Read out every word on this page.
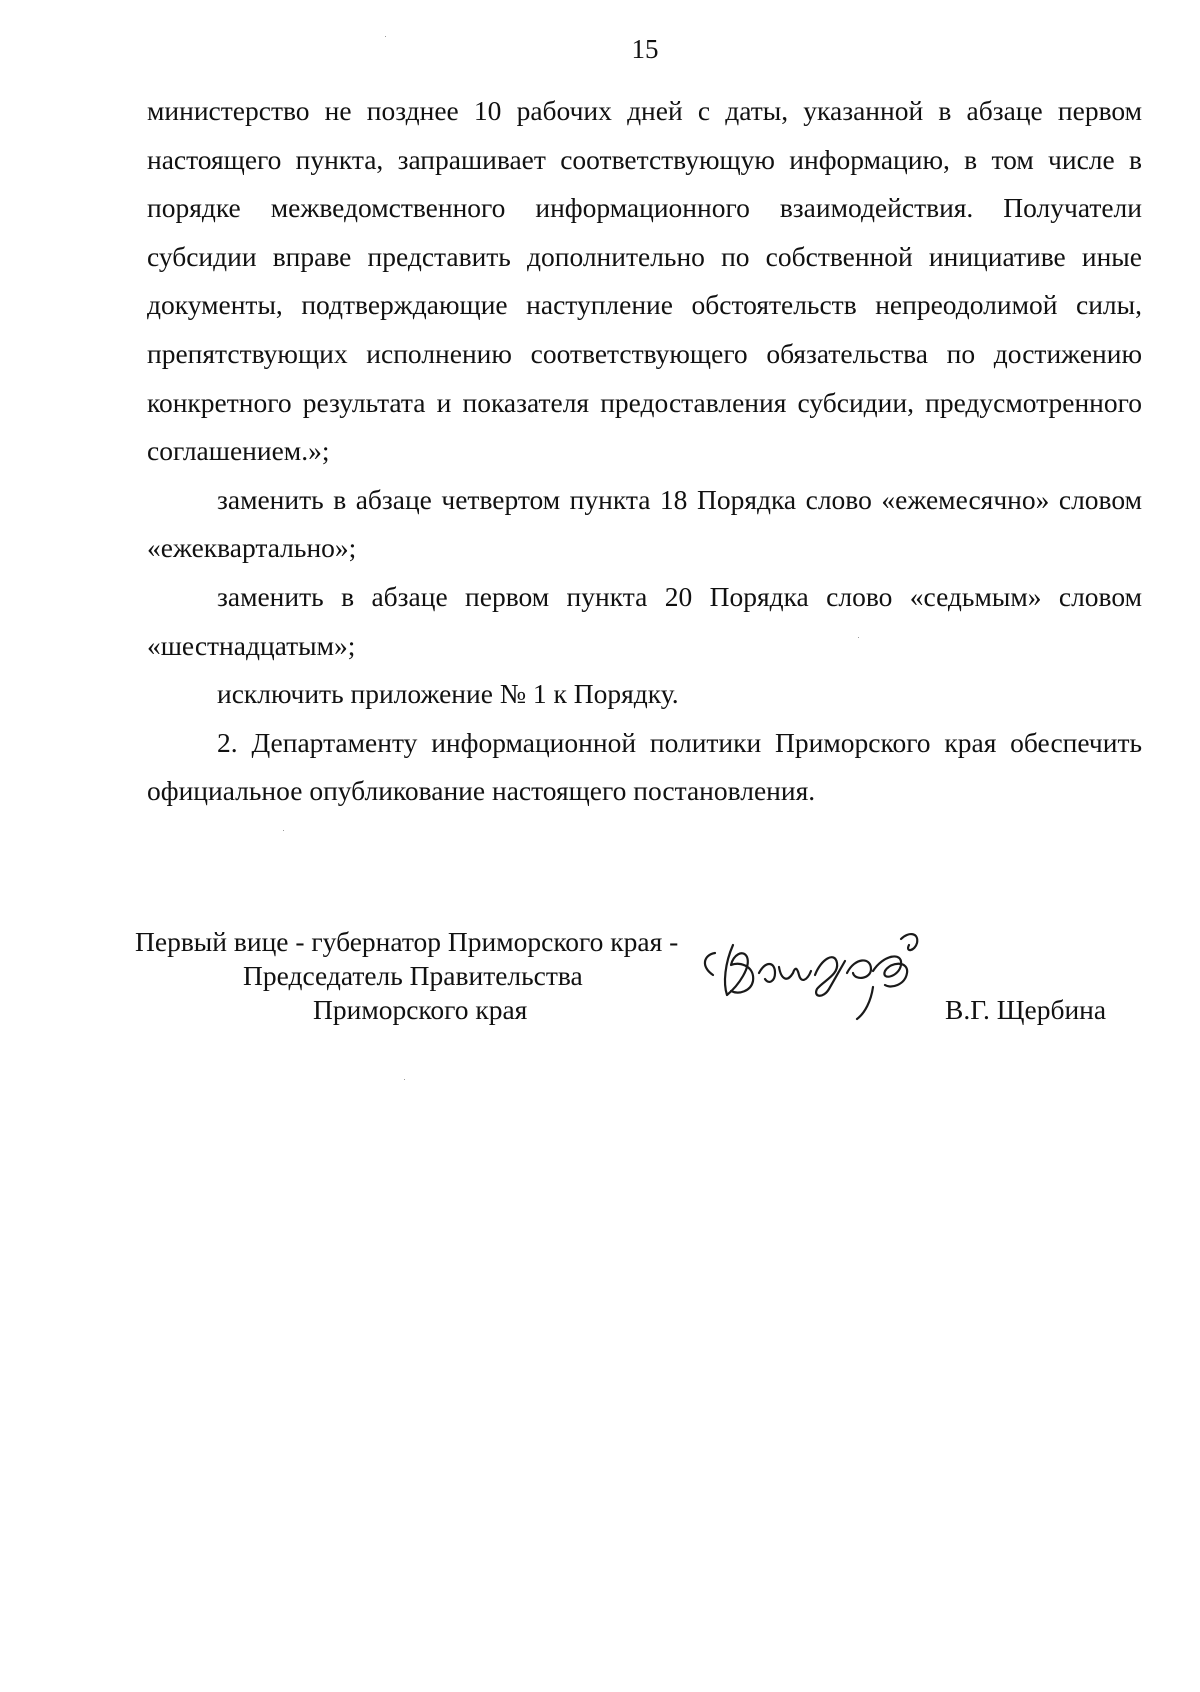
15

министерство не позднее 10 рабочих дней с даты, указанной в абзаце первом настоящего пункта, запрашивает соответствующую информацию, в том числе в порядке межведомственного информационного взаимодействия. Получатели субсидии вправе представить дополнительно по собственной инициативе иные документы, подтверждающие наступление обстоятельств непреодолимой силы, препятствующих исполнению соответствующего обязательства по достижению конкретного результата и показателя предоставления субсидии, предусмотренного соглашением.»;

заменить в абзаце четвертом пункта 18 Порядка слово «ежемесячно» словом «ежеквартально»;

заменить в абзаце первом пункта 20 Порядка слово «седьмым» словом «шестнадцатым»;

исключить приложение № 1 к Порядку.

2. Департаменту информационной политики Приморского края обеспечить официальное опубликование настоящего постановления.

Первый вице - губернатор Приморского края -
Председатель Правительства
Приморского края	В.Г. Щербина
